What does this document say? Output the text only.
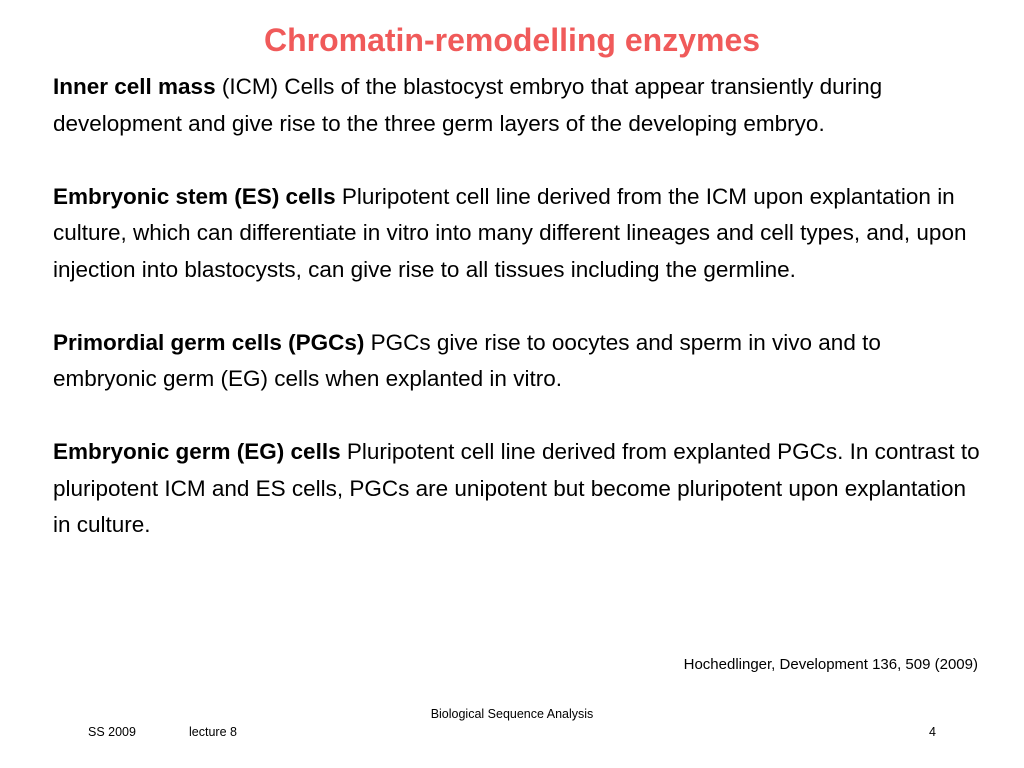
Chromatin-remodelling enzymes

Inner cell mass (ICM) Cells of the blastocyst embryo that appear transiently during development and give rise to the three germ layers of the developing embryo.

Embryonic stem (ES) cells Pluripotent cell line derived from the ICM upon explantation in culture, which can differentiate in vitro into many different lineages and cell types, and, upon injection into blastocysts, can give rise to all tissues including the germline.

Primordial germ cells (PGCs) PGCs give rise to oocytes and sperm in vivo and to embryonic germ (EG) cells when explanted in vitro.

Embryonic germ (EG) cells Pluripotent cell line derived from explanted PGCs. In contrast to pluripotent ICM and ES cells, PGCs are unipotent but become pluripotent upon explantation in culture.

Hochedlinger, Development 136, 509 (2009)
Biological Sequence Analysis
SS 2009	lecture 8	4
